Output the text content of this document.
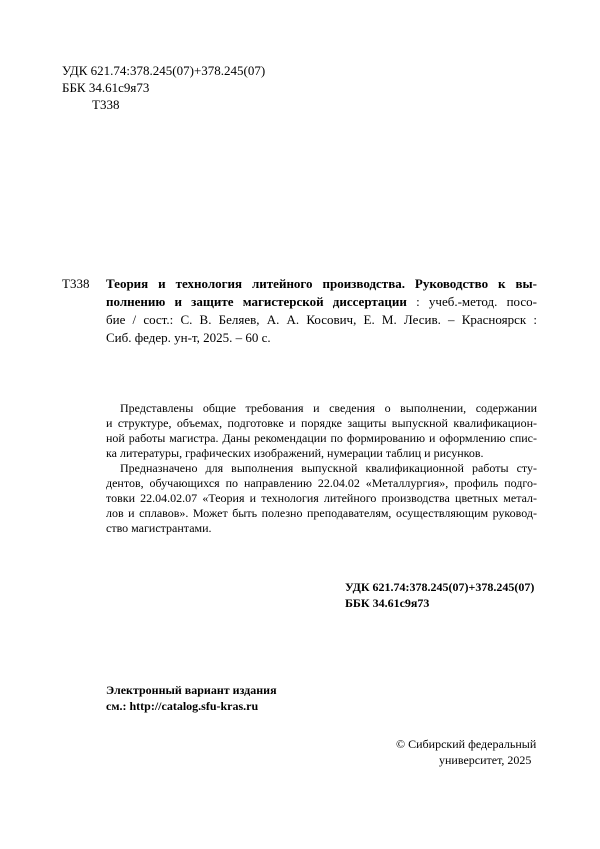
УДК 621.74:378.245(07)+378.245(07)
ББК 34.61с9я73
Т338
Т338 Теория и технология литейного производства. Руководство к вы-
полнению и защите магистерской диссертации : учеб.-метод. посо-
бие / сост.: С. В. Беляев, А. А. Косович, Е. М. Лесив. – Красноярск :
Сиб. федер. ун-т, 2025. – 60 с.
Представлены общие требования и сведения о выполнении, содержании
и структуре, объемах, подготовке и порядке защиты выпускной квалификацион-
ной работы магистра. Даны рекомендации по формированию и оформлению спис-
ка литературы, графических изображений, нумерации таблиц и рисунков.
Предназначено для выполнения выпускной квалификационной работы сту-
дентов, обучающихся по направлению 22.04.02 «Металлургия», профиль подго-
товки 22.04.02.07 «Теория и технология литейного производства цветных метал-
лов и сплавов». Может быть полезно преподавателям, осуществляющим руковод-
ство магистрантами.
УДК 621.74:378.245(07)+378.245(07)
ББК 34.61с9я73
Электронный вариант издания
см.: http://catalog.sfu-kras.ru
© Сибирский федеральный
университет, 2025
